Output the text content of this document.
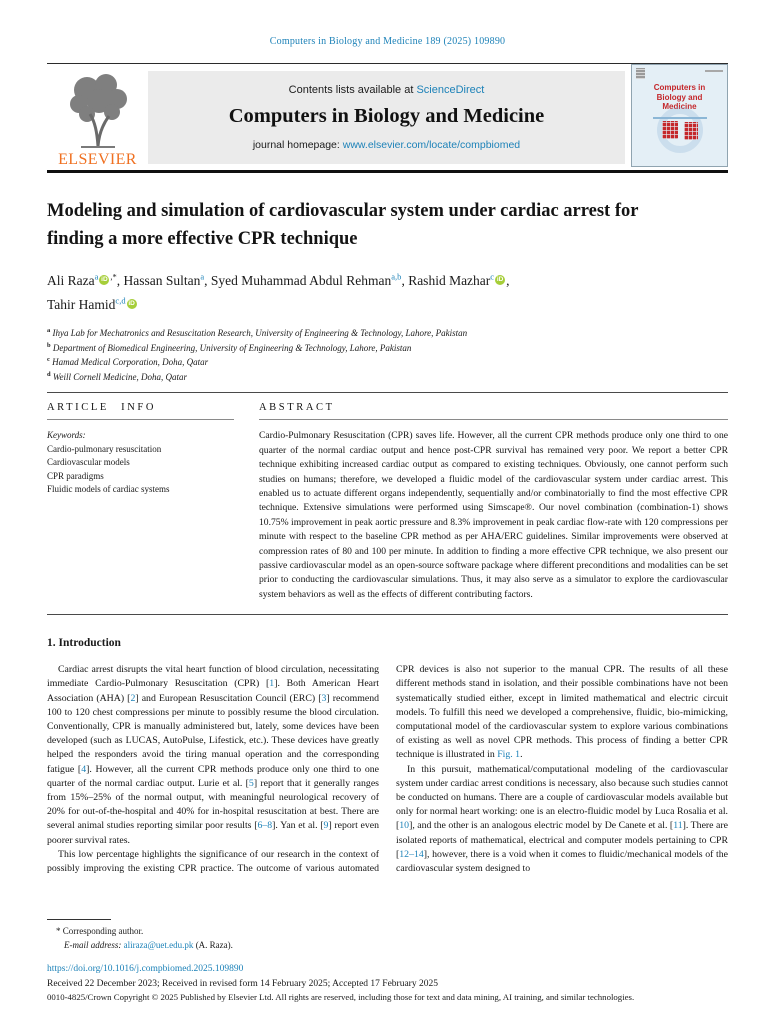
Computers in Biology and Medicine 189 (2025) 109890
ELSEVIER
Contents lists available at ScienceDirect
Computers in Biology and Medicine
journal homepage: www.elsevier.com/locate/compbiomed
Computers in Biology and Medicine
Modeling and simulation of cardiovascular system under cardiac arrest for finding a more effective CPR technique
Ali Raza$^a$ iD ,*, Hassan Sultan$^a$, Syed Muhammad Abdul Rehman$^{a,b}$, Rashid Mazhar$^c$ iD ,
Tahir Hamid$^{c,d}$ iD
$^a$ Ihya Lab for Mechatronics and Resuscitation Research, University of Engineering & Technology, Lahore, Pakistan
$^b$ Department of Biomedical Engineering, University of Engineering & Technology, Lahore, Pakistan
$^c$ Hamad Medical Corporation, Doha, Qatar
$^d$ Weill Cornell Medicine, Doha, Qatar
ARTICLE INFO
Keywords:
Cardio-pulmonary resuscitation
Cardiovascular models
CPR paradigms
Fluidic models of cardiac systems
ABSTRACT
Cardio-Pulmonary Resuscitation (CPR) saves life. However, all the current CPR methods produce only one third to one quarter of the normal cardiac output and hence post-CPR survival has remained very poor. We report a better CPR technique exhibiting increased cardiac output as compared to existing techniques. Obviously, one cannot perform such studies on humans; therefore, we developed a fluidic model of the cardiovascular system under cardiac arrest. This enabled us to actuate different organs independently, sequentially and/or combinatorially to find the most effective CPR technique. Extensive simulations were performed using Simscape®. Our novel combination (combination-1) shows 10.75% improvement in peak aortic pressure and 8.3% improvement in peak cardiac flow-rate with 120 compressions per minute with respect to the baseline CPR method as per AHA/ERC guidelines. Similar improvements were observed at compression rates of 80 and 100 per minute. In addition to finding a more effective CPR technique, we also present our passive cardiovascular model as an open-source software package where different preconditions and modalities can be set prior to conducting the cardiovascular simulations. Thus, it may also serve as a simulator to explore the cardiovascular system behaviors as well as the effects of different contributing factors.
1. Introduction

Cardiac arrest disrupts the vital heart function of blood circulation, necessitating immediate Cardio-Pulmonary Resuscitation (CPR) [1]. Both American Heart Association (AHA) [2] and European Resuscitation Council (ERC) [3] recommend 100 to 120 chest compressions per minute to possibly resume the blood circulation. Conventionally, CPR is manually administered but, lately, some devices have been developed (such as LUCAS, AutoPulse, Lifestick, etc.). These devices have greatly helped the responders avoid the tiring manual operation and the corresponding fatigue [4]. However, all the current CPR methods produce only one third to one quarter of the normal cardiac output. Lurie et al. [5] report that it generally ranges from 15%–25% of the normal output, with meaningful neurological recovery of 20% for out-of-the-hospital and 40% for in-hospital resuscitation at best. There are several animal studies reporting similar poor results [6–8]. Yan et al. [9] report even poorer survival rates.

This low percentage highlights the significance of our research in the context of possibly improving the existing CPR practice. The outcome of various automated CPR devices is also not superior to the manual CPR. The results of all these different methods stand in isolation, and their possible combinations have not been systematically studied either, except in limited mathematical and electric circuit models. To fulfill this need we developed a comprehensive, fluidic, bio-mimicking, computational model of the cardiovascular system to explore various combinations of existing as well as novel CPR methods. This process of finding a better CPR technique is illustrated in Fig. 1.

In this pursuit, mathematical/computational modeling of the cardiovascular system under cardiac arrest conditions is necessary, also because such studies cannot be conducted on humans. There are a couple of cardiovascular models available but only for normal heart working: one is an electro-fluidic model by Luca Rosalia et al. [10], and the other is an analogous electric model by De Canete et al. [11]. There are isolated reports of mathematical, electrical and computer models pertaining to CPR [12–14], however, there is a void when it comes to fluidic/mechanical models of the cardiovascular system designed to

* Corresponding author.
E-mail address: aliraza@uet.edu.pk (A. Raza).
https://doi.org/10.1016/j.compbiomed.2025.109890
Received 22 December 2023; Received in revised form 14 February 2025; Accepted 17 February 2025
0010-4825/Crown Copyright © 2025 Published by Elsevier Ltd. All rights are reserved, including those for text and data mining, AI training, and similar technologies.
